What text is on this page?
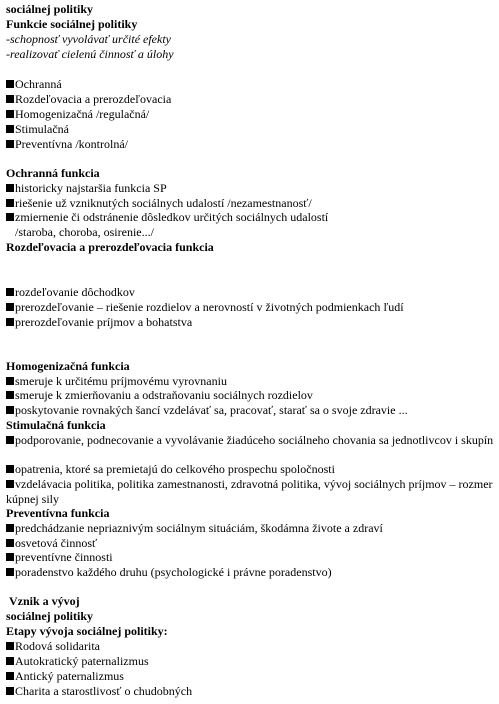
sociálnej politiky
Funkcie sociálnej politiky
-schopnosť vyvolávať určité efekty
-realizovať cielenú činnosť a úlohy
Ochranná
Rozdeľovacia a prerozdeľovacia
Homogenizačná /regulačná/
Stimulačná
Preventívna /kontrolná/
Ochranná funkcia
historicky najstaršia funkcia SP
riešenie už vzniknutých sociálnych udalostí /nezamestnanosť/
zmiernenie či odstránenie dôsledkov určitých sociálnych udalostí
/staroba, choroba, osirenie.../
Rozdeľovacia a prerozdeľovacia funkcia
rozdeľovanie dôchodkov
prerozdeľovanie – riešenie rozdielov a nerovností v životných podmienkach ľudí
prerozdeľovanie príjmov a bohatstva
Homogenizačná funkcia
smeruje k určitému príjmovému vyrovnaniu
smeruje k zmierňovaniu a odstraňovaniu sociálnych rozdielov
poskytovanie rovnakých šancí vzdelávať sa, pracovať, starať sa o svoje zdravie ...
Stimulačná funkcia
podporovanie, podnecovanie a vyvolávanie žiadúceho sociálneho chovania sa jednotlivcov i skupín
opatrenia, ktoré sa premietajú do celkového prospechu spoločnosti
vzdelávacia politika, politika zamestnanosti, zdravotná politika, vývoj sociálnych príjmov – rozmer kúpnej sily
Preventívna funkcia
predchádzanie nepriaznivým sociálnym situáciám, škodámna živote a zdraví
osvetová činnosť
preventívne činnosti
poradenstvo každého druhu (psychologické i právne poradenstvo)
Vznik a vývoj
sociálnej politiky
Etapy vývoja sociálnej politiky:
Rodová solidarita
Autokratický paternalizmus
Antický paternalizmus
Charita a starostlivosť o chudobných
